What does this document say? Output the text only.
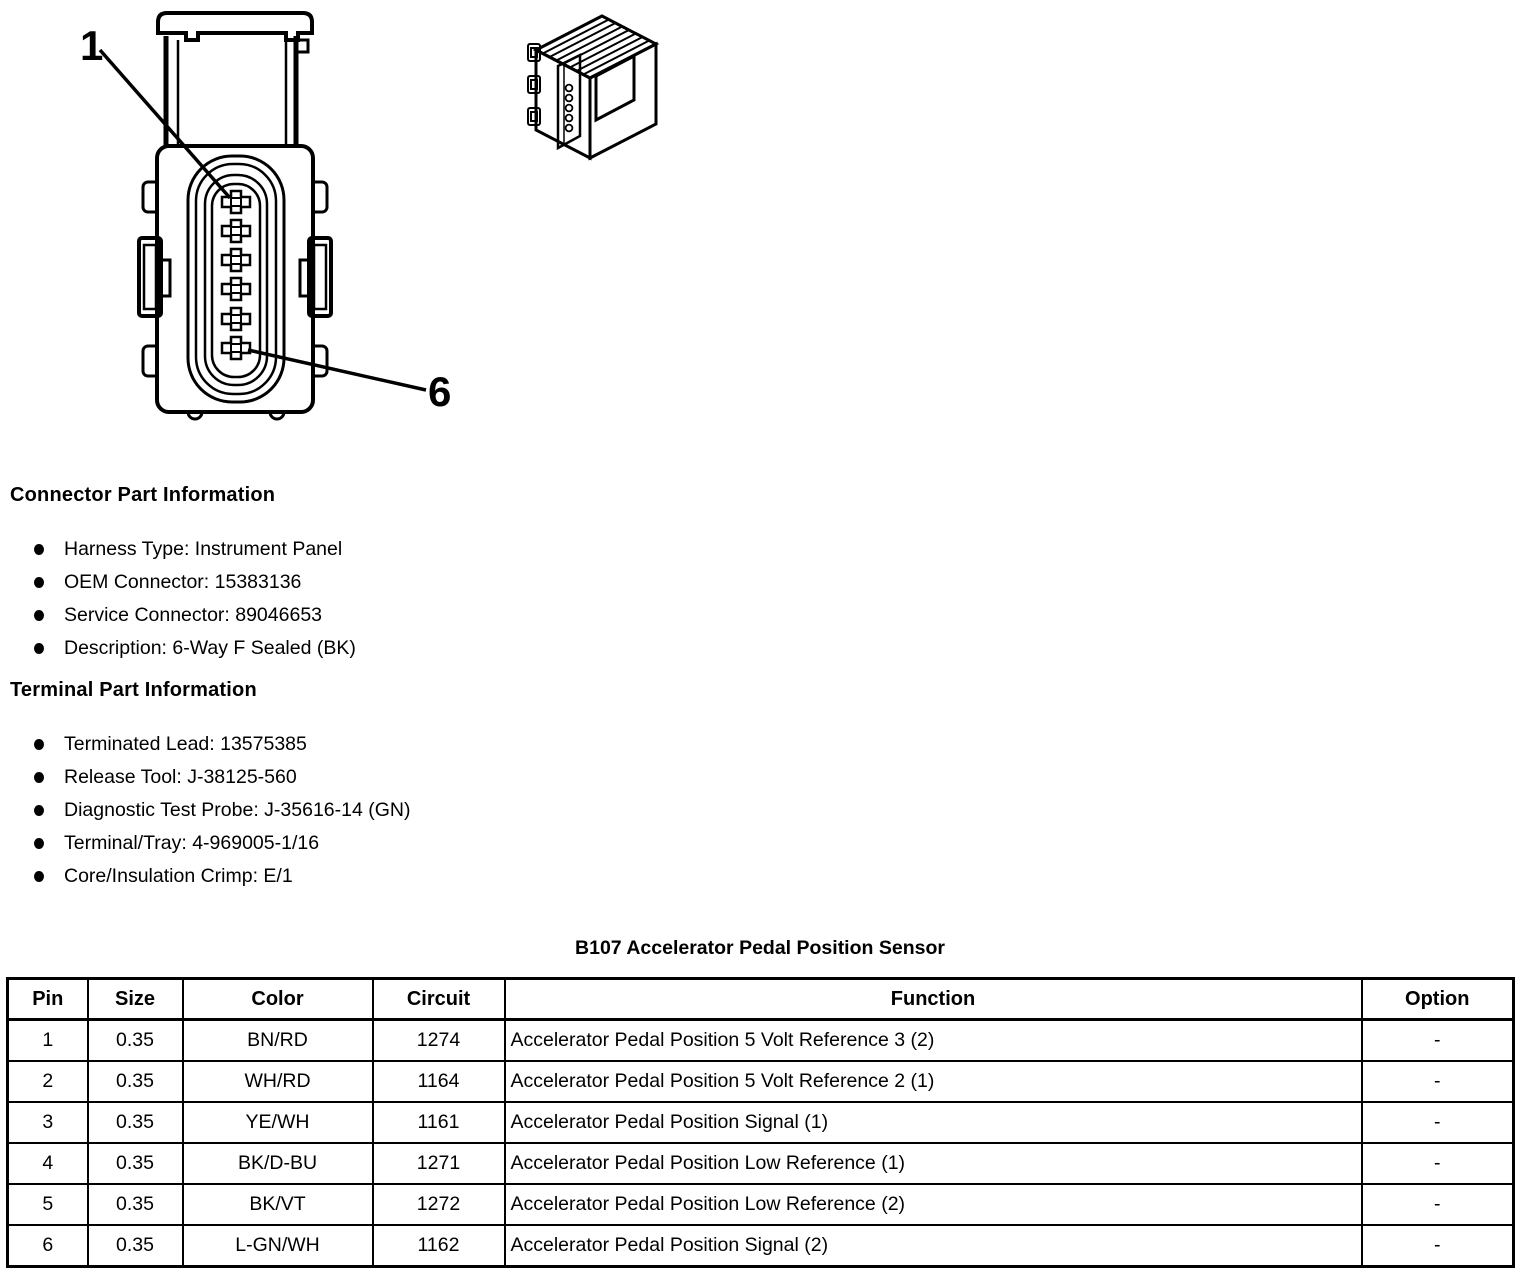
1
6
Connector Part Information
Harness Type: Instrument Panel
OEM Connector: 15383136
Service Connector: 89046653
Description: 6-Way F Sealed (BK)
Terminal Part Information
Terminated Lead: 13575385
Release Tool: J-38125-560
Diagnostic Test Probe: J-35616-14 (GN)
Terminal/Tray: 4-969005-1/16
Core/Insulation Crimp: E/1
B107 Accelerator Pedal Position Sensor
Pin	Size	Color	Circuit	Function	Option
1	0.35	BN/RD	1274	Accelerator Pedal Position 5 Volt Reference 3 (2)	-
2	0.35	WH/RD	1164	Accelerator Pedal Position 5 Volt Reference 2 (1)	-
3	0.35	YE/WH	1161	Accelerator Pedal Position Signal (1)	-
4	0.35	BK/D-BU	1271	Accelerator Pedal Position Low Reference (1)	-
5	0.35	BK/VT	1272	Accelerator Pedal Position Low Reference (2)	-
6	0.35	L-GN/WH	1162	Accelerator Pedal Position Signal (2)	-
